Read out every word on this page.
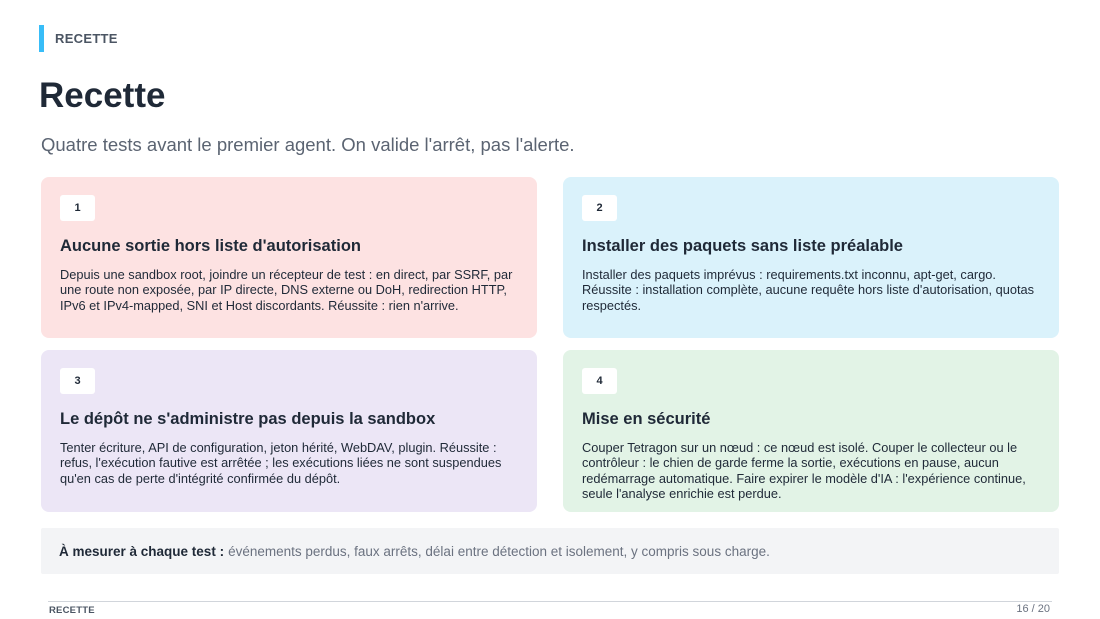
RECETTE
Recette
Quatre tests avant le premier agent. On valide l'arrêt, pas l'alerte.
1
Aucune sortie hors liste d'autorisation
Depuis une sandbox root, joindre un récepteur de test : en direct, par SSRF, par une route non exposée, par IP directe, DNS externe ou DoH, redirection HTTP, IPv6 et IPv4-mapped, SNI et Host discordants. Réussite : rien n'arrive.
2
Installer des paquets sans liste préalable
Installer des paquets imprévus : requirements.txt inconnu, apt-get, cargo. Réussite : installation complète, aucune requête hors liste d'autorisation, quotas respectés.
3
Le dépôt ne s'administre pas depuis la sandbox
Tenter écriture, API de configuration, jeton hérité, WebDAV, plugin. Réussite : refus, l'exécution fautive est arrêtée ; les exécutions liées ne sont suspendues qu'en cas de perte d'intégrité confirmée du dépôt.
4
Mise en sécurité
Couper Tetragon sur un nœud : ce nœud est isolé. Couper le collecteur ou le contrôleur : le chien de garde ferme la sortie, exécutions en pause, aucun redémarrage automatique. Faire expirer le modèle d'IA : l'expérience continue, seule l'analyse enrichie est perdue.
À mesurer à chaque test : événements perdus, faux arrêts, délai entre détection et isolement, y compris sous charge.
RECETTE	16 / 20
